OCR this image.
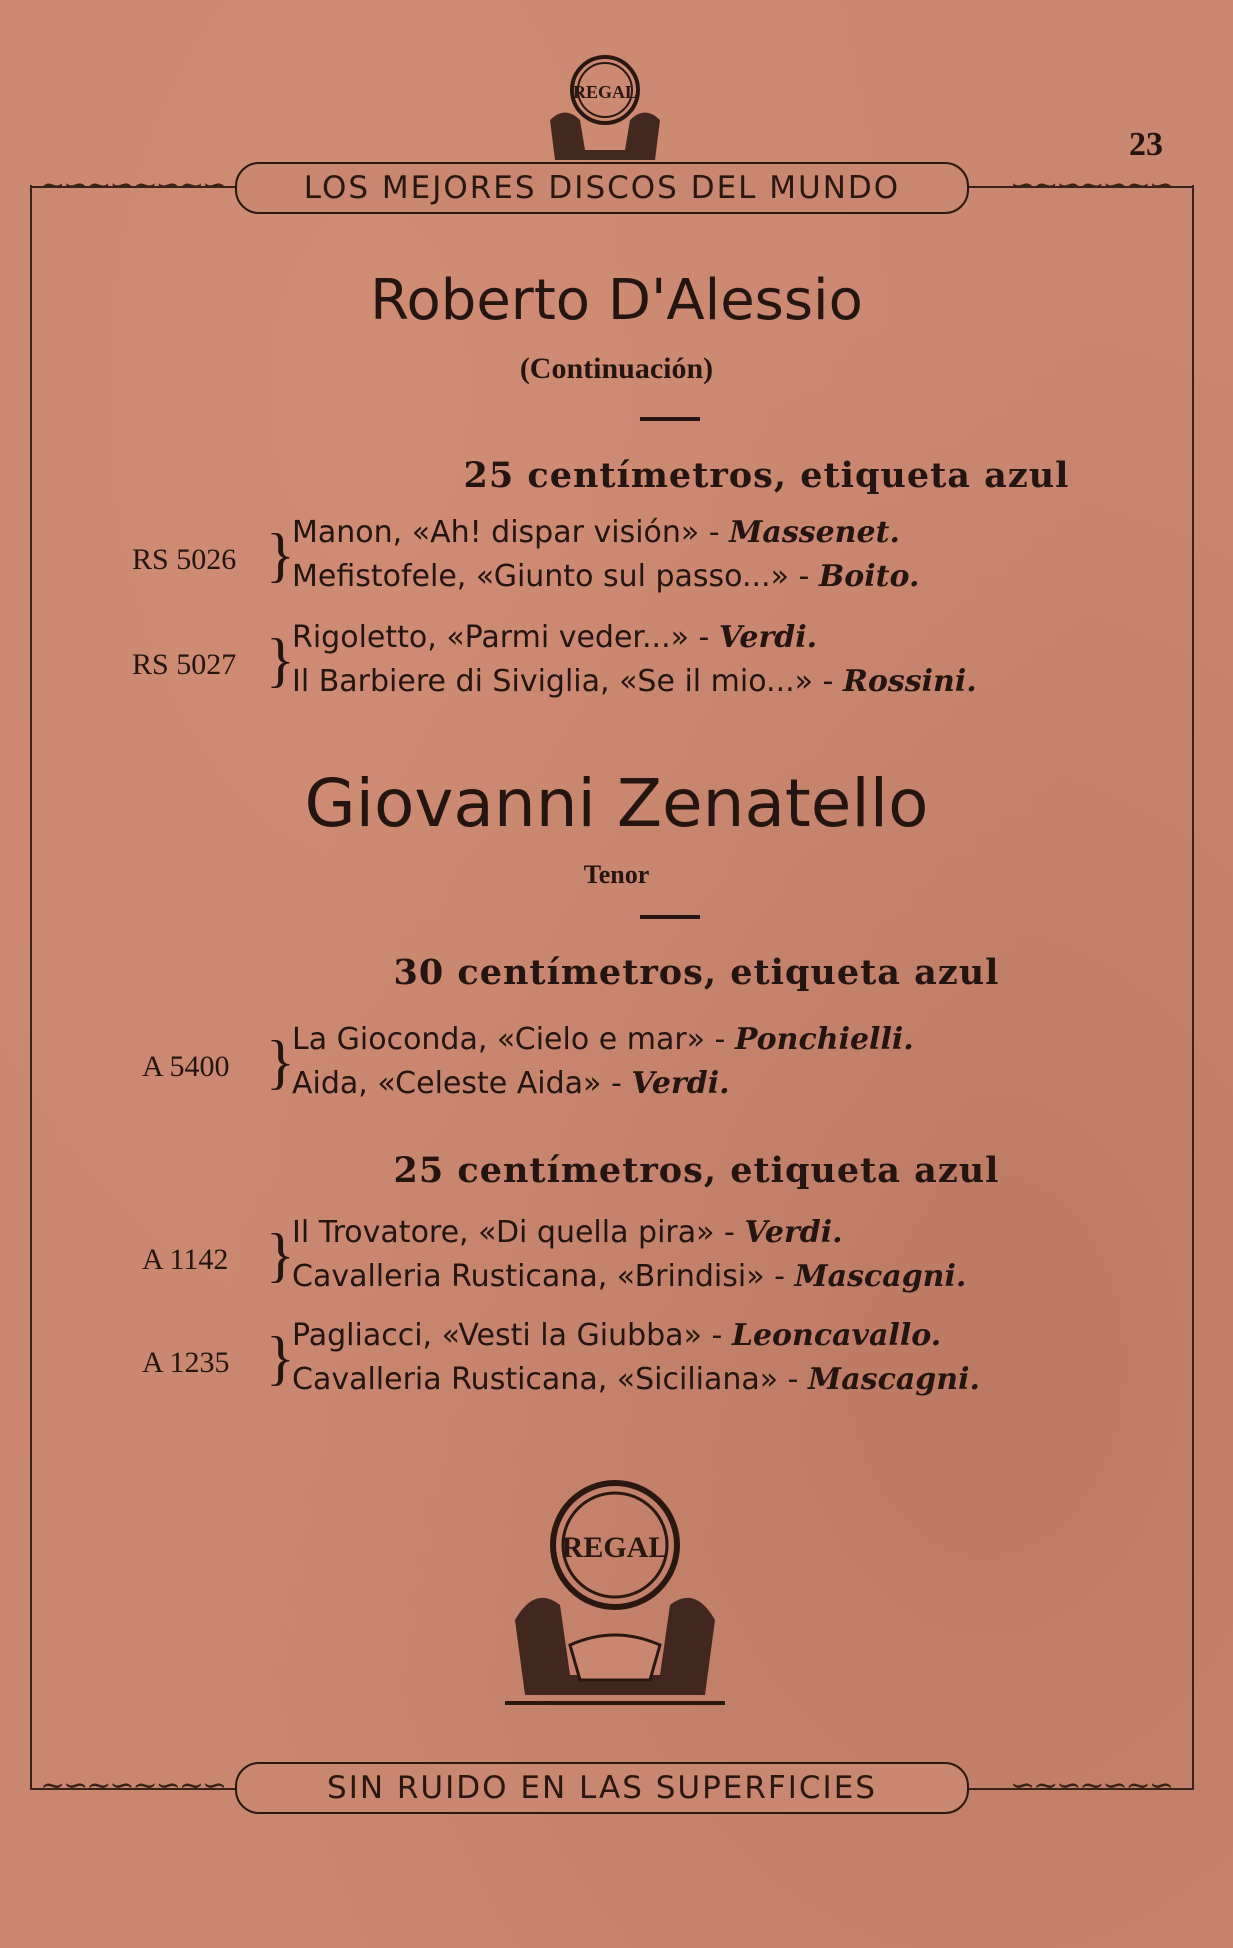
23
REGAL
~∽~∽~∽~∽	∽~∽~∽~∽
LOS MEJORES DISCOS DEL MUNDO
Roberto D'Alessio
(Continuación)
25 centímetros, etiqueta azul
RS 5026 }
Manon, «Ah! dispar visión» - Massenet.
Mefistofele, «Giunto sul passo...» - Boito.
RS 5027 }
Rigoletto, «Parmi veder...» - Verdi.
Il Barbiere di Siviglia, «Se il mio...» - Rossini.
Giovanni Zenatello
Tenor
30 centímetros, etiqueta azul
A 5400 }
La Gioconda, «Cielo e mar» - Ponchielli.
Aida, «Celeste Aida» - Verdi.
25 centímetros, etiqueta azul
A 1142 }
Il Trovatore, «Di quella pira» - Verdi.
Cavalleria Rusticana, «Brindisi» - Mascagni.
A 1235 }
Pagliacci, «Vesti la Giubba» - Leoncavallo.
Cavalleria Rusticana, «Siciliana» - Mascagni.
REGAL
~∽~∽~∽~∽	∽~∽~∽~∽
SIN RUIDO EN LAS SUPERFICIES
